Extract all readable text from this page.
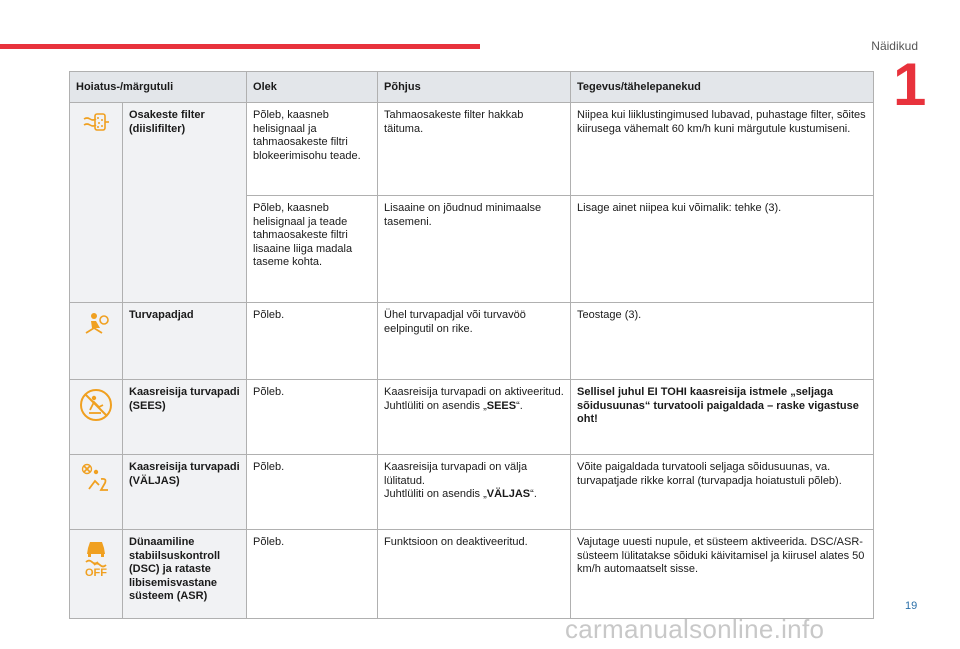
Näidikud
1
Hoiatus-/märgutuli		Olek	Põhjus	Tegevus/tähelepanekud

	Osakeste filter (diislifilter)	Põleb, kaasneb helisignaal ja tahmaosakeste filtri blokeerimisohu teade.	Tahmaosakeste filter hakkab täituma.	Niipea kui liiklustingimused lubavad, puhastage filter, sõites kiirusega vähemalt 60 km/h kuni märgutule kustumiseni.
		Põleb, kaasneb helisignaal ja teade tahmaosakeste filtri lisaaine liiga madala taseme kohta.	Lisaaine on jõudnud minimaalse tasemeni.	Lisage ainet niipea kui võimalik: tehke (3).

	Turvapadjad	Põleb.	Ühel turvapadjal või turvavöö eelpingutil on rike.	Teostage (3).

	Kaasreisija turvapadi (SEES)	Põleb.	Kaasreisija turvapadi on aktiveeritud.
Juhtlüliti on asendis „SEES“.	Sellisel juhul EI TOHI kaasreisija istmele „seljaga sõidusuunas“ turvatooli paigaldada – raske vigastuse oht!

	Kaasreisija turvapadi (VÄLJAS)	Põleb.	Kaasreisija turvapadi on välja lülitatud.
Juhtlüliti on asendis „VÄLJAS“.	Võite paigaldada turvatooli seljaga sõidusuunas, va. turvapatjade rikke korral (turvapadja hoiatustuli põleb).

OFF	Dünaamiline stabiilsuskontroll (DSC) ja rataste libisemisvastane süsteem (ASR)	Põleb.	Funktsioon on deaktiveeritud.	Vajutage uuesti nupule, et süsteem aktiveerida. DSC/ASR-süsteem lülitatakse sõiduki käivitamisel ja kiirusel alates 50 km/h automaatselt sisse.
19
carmanualsonline.info
